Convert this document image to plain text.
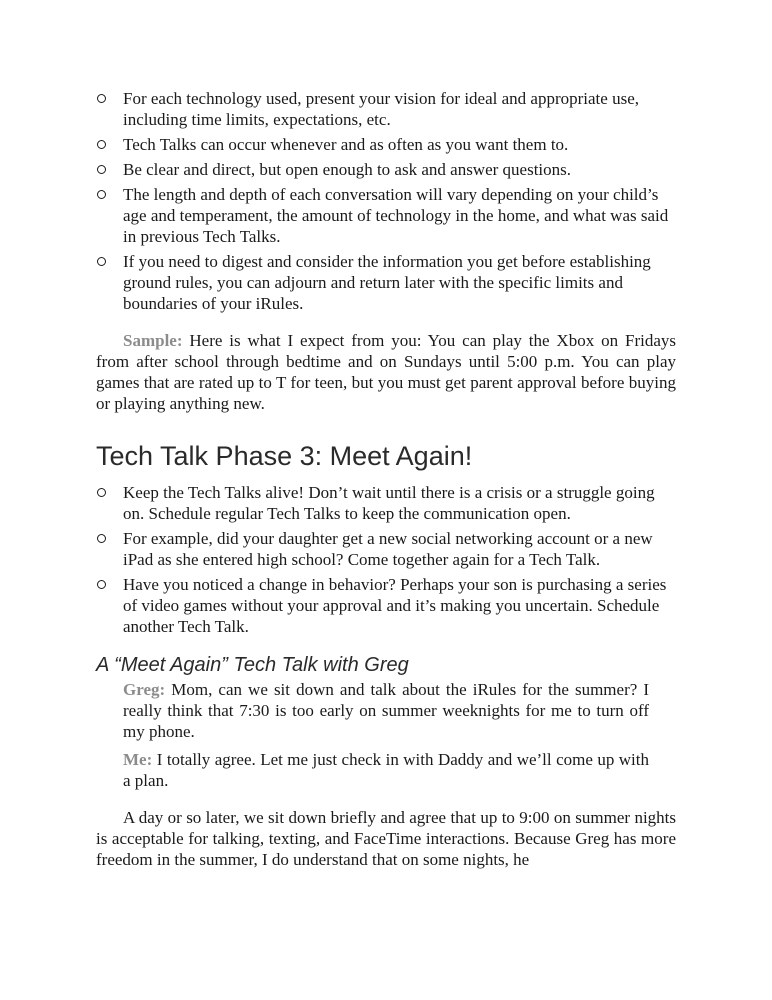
For each technology used, present your vision for ideal and appropriate use, including time limits, expectations, etc.
Tech Talks can occur whenever and as often as you want them to.
Be clear and direct, but open enough to ask and answer questions.
The length and depth of each conversation will vary depending on your child’s age and temperament, the amount of technology in the home, and what was said in previous Tech Talks.
If you need to digest and consider the information you get before establishing ground rules, you can adjourn and return later with the specific limits and boundaries of your iRules.

Sample: Here is what I expect from you: You can play the Xbox on Fridays from after school through bedtime and on Sundays until 5:00 p.m. You can play games that are rated up to T for teen, but you must get parent approval before buying or playing anything new.

Tech Talk Phase 3: Meet Again!
Keep the Tech Talks alive! Don’t wait until there is a crisis or a struggle going on. Schedule regular Tech Talks to keep the communication open.
For example, did your daughter get a new social networking account or a new iPad as she entered high school? Come together again for a Tech Talk.
Have you noticed a change in behavior? Perhaps your son is purchasing a series of video games without your approval and it’s making you uncertain. Schedule another Tech Talk.
A “Meet Again” Tech Talk with Greg

Greg: Mom, can we sit down and talk about the iRules for the summer? I really think that 7:30 is too early on summer weeknights for me to turn off my phone.

Me: I totally agree. Let me just check in with Daddy and we’ll come up with a plan.

A day or so later, we sit down briefly and agree that up to 9:00 on summer nights is acceptable for talking, texting, and FaceTime interactions. Because Greg has more freedom in the summer, I do understand that on some nights, he
